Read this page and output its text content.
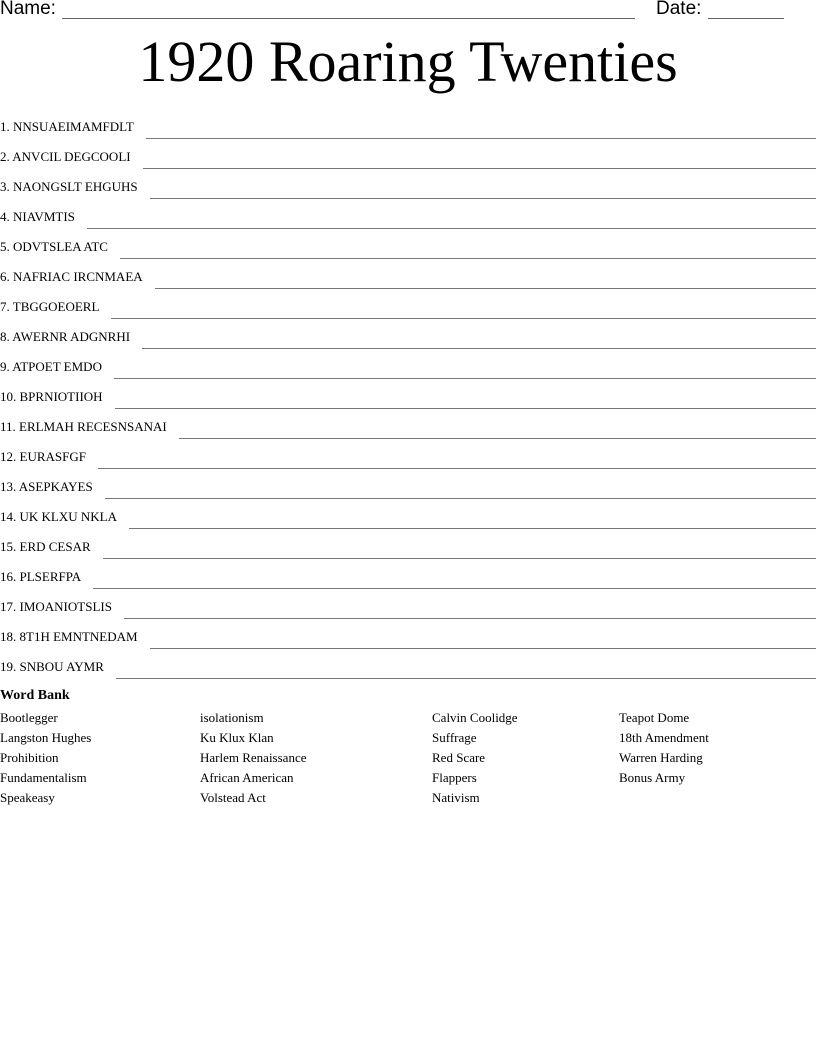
Name:	Date:
1920 Roaring Twenties
1. NNSUAEIMAMFDLT
2. ANVCIL DEGCOOLI
3. NAONGSLT EHGUHS
4. NIAVMTIS
5. ODVTSLEA ATC
6. NAFRIAC IRCNMAEA
7. TBGGOEOERL
8. AWERNR ADGNRHI
9. ATPOET EMDO
10. BPRNIOTIIOH
11. ERLMAH RECESNSANAI
12. EURASFGF
13. ASEPKAYES
14. UK KLXU NKLA
15. ERD CESAR
16. PLSERFPA
17. IMOANIOTSLIS
18. 8T1H EMNTNEDAM
19. SNBOU AYMR
Word Bank
Bootlegger
Langston Hughes
Prohibition
Fundamentalism
Speakeasy
isolationism
Ku Klux Klan
Harlem Renaissance
African American
Volstead Act
Calvin Coolidge
Suffrage
Red Scare
Flappers
Nativism
Teapot Dome
18th Amendment
Warren Harding
Bonus Army
